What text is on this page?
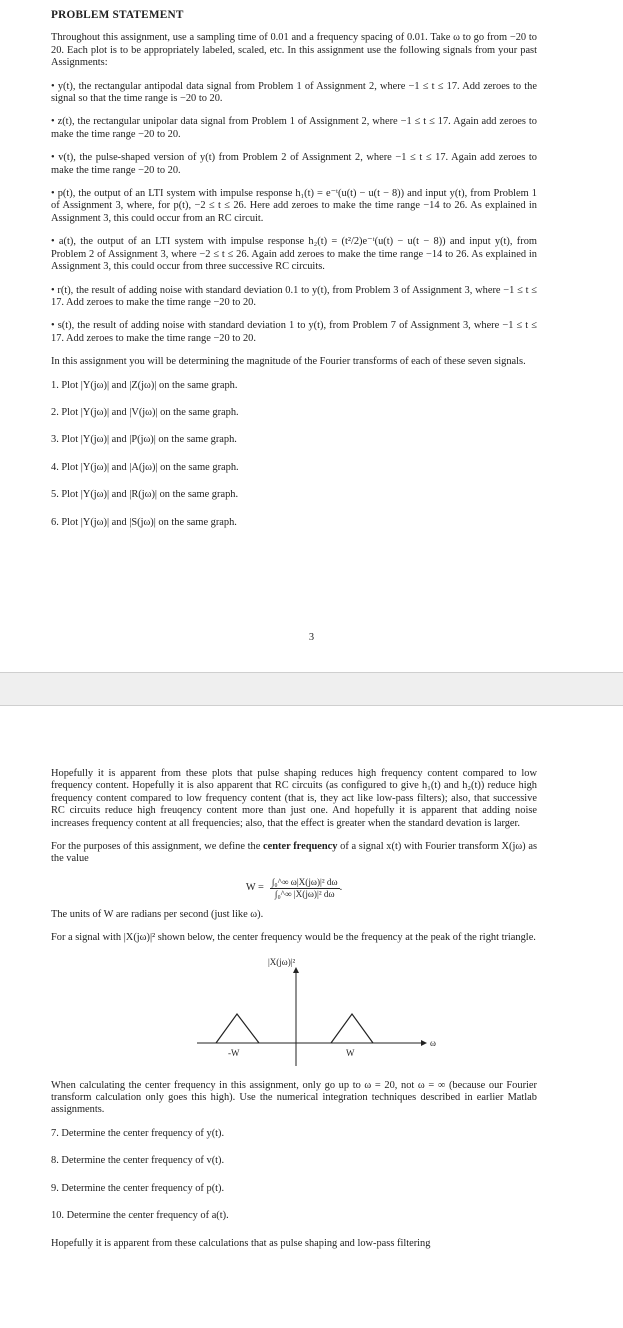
PROBLEM STATEMENT

Throughout this assignment, use a sampling time of 0.01 and a frequency spacing of 0.01. Take ω to go from −20 to 20. Each plot is to be appropriately labeled, scaled, etc. In this assignment use the following signals from your past Assignments:

• y(t), the rectangular antipodal data signal from Problem 1 of Assignment 2, where −1 ≤ t ≤ 17. Add zeroes to the signal so that the time range is −20 to 20.

• z(t), the rectangular unipolar data signal from Problem 1 of Assignment 2, where −1 ≤ t ≤ 17. Again add zeroes to make the time range −20 to 20.

• v(t), the pulse-shaped version of y(t) from Problem 2 of Assignment 2, where −1 ≤ t ≤ 17. Again add zeroes to make the time range −20 to 20.

• p(t), the output of an LTI system with impulse response h₁(t) = e⁻ᵗ(u(t) − u(t − 8)) and input y(t), from Problem 1 of Assignment 3, where, for p(t), −2 ≤ t ≤ 26. Here add zeroes to make the time range −14 to 26. As explained in Assignment 3, this could occur from an RC circuit.

• a(t), the output of an LTI system with impulse response h₂(t) = (t²/2)e⁻ᵗ(u(t) − u(t − 8)) and input y(t), from Problem 2 of Assignment 3, where −2 ≤ t ≤ 26. Again add zeroes to make the time range −14 to 26. As explained in Assignment 3, this could occur from three successive RC circuits.

• r(t), the result of adding noise with standard deviation 0.1 to y(t), from Problem 3 of Assignment 3, where −1 ≤ t ≤ 17. Add zeroes to make the time range −20 to 20.

• s(t), the result of adding noise with standard deviation 1 to y(t), from Problem 7 of Assignment 3, where −1 ≤ t ≤ 17. Add zeroes to make the time range −20 to 20.

In this assignment you will be determining the magnitude of the Fourier transforms of each of these seven signals.

1. Plot |Y(jω)| and |Z(jω)| on the same graph.
2. Plot |Y(jω)| and |V(jω)| on the same graph.
3. Plot |Y(jω)| and |P(jω)| on the same graph.
4. Plot |Y(jω)| and |A(jω)| on the same graph.
5. Plot |Y(jω)| and |R(jω)| on the same graph.
6. Plot |Y(jω)| and |S(jω)| on the same graph.
3

Hopefully it is apparent from these plots that pulse shaping reduces high frequency content compared to low frequency content. Hopefully it is also apparent that RC circuits (as configured to give h₁(t) and h₂(t)) reduce high frequency content compared to low frequency content (that is, they act like low-pass filters); also, that successive RC circuits reduce high freuqency content more than just one. And hopefully it is apparent that adding noise increases frequency content at all frequencies; also, that the effect is greater when the standard devation is larger.

For the purposes of this assignment, we define the center frequency of a signal x(t) with Fourier transform X(jω) as the value

$W = \frac{\text{∫₀\textasciicircum{}∞ ω|X(jω)|² dω}}{\text{∫₀\textasciicircum{}∞ |X(jω)|² dω}}$ .

The units of W are radians per second (just like ω).

For a signal with |X(jω)|² shown below, the center frequency would be the frequency at the peak of the right triangle.

|X(jω)|²
ω
-W	W

When calculating the center frequency in this assignment, only go up to ω = 20, not ω = ∞ (because our Fourier transform calculation only goes this high). Use the numerical integration techniques described in earlier Matlab assignments.

7. Determine the center frequency of y(t).
8. Determine the center frequency of v(t).
9. Determine the center frequency of p(t).
10. Determine the center frequency of a(t).

Hopefully it is apparent from these calculations that as pulse shaping and low-pass filtering
